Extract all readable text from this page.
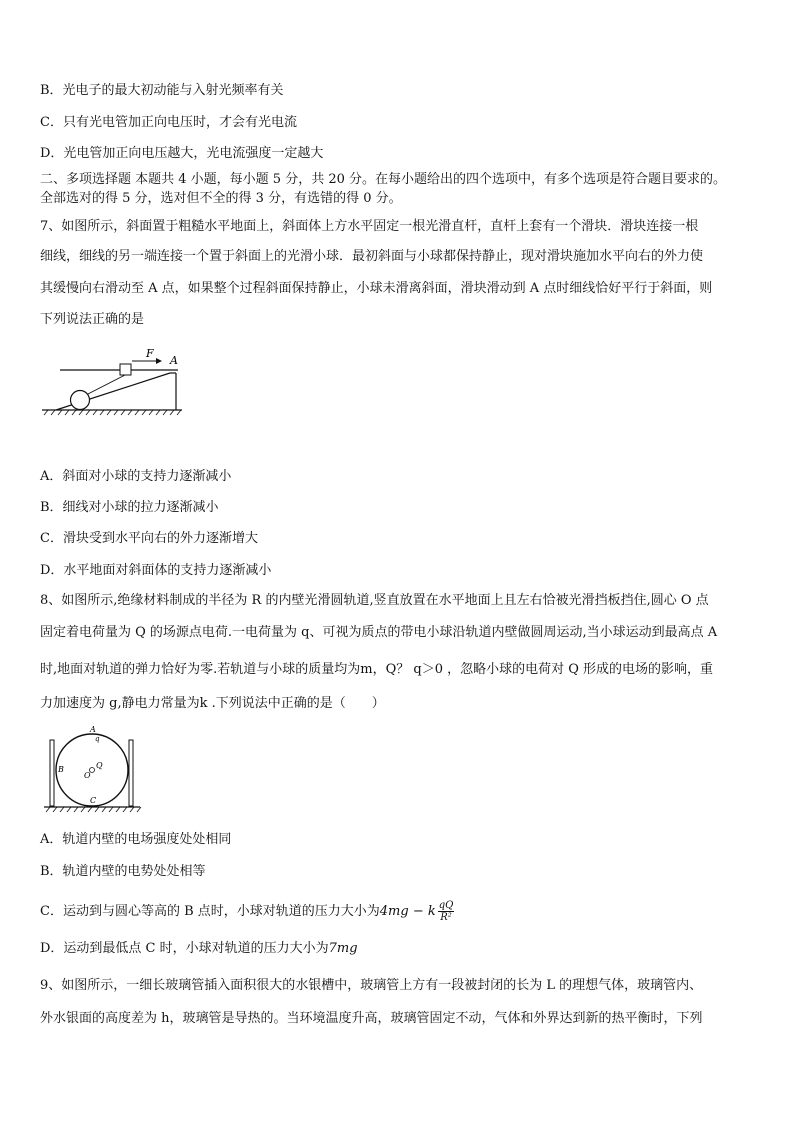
B．光电子的最大初动能与入射光频率有关
C．只有光电管加正向电压时，才会有光电流
D．光电管加正向电压越大，光电流强度一定越大
二、多项选择题 本题共 4 小题，每小题 5 分，共 20 分。在每小题给出的四个选项中，有多个选项是符合题目要求的。
全部选对的得 5 分，选对但不全的得 3 分，有选错的得 0 分。
7、如图所示，斜面置于粗糙水平地面上，斜面体上方水平固定一根光滑直杆，直杆上套有一个滑块．滑块连接一根
细线，细线的另一端连接一个置于斜面上的光滑小球．最初斜面与小球都保持静止，现对滑块施加水平向右的外力使
其缓慢向右滑动至 A 点，如果整个过程斜面保持静止，小球未滑离斜面，滑块滑动到 A 点时细线恰好平行于斜面，则
下列说法正确的是
F
A
A．斜面对小球的支持力逐渐减小
B．细线对小球的拉力逐渐减小
C．滑块受到水平向右的外力逐渐增大
D．水平地面对斜面体的支持力逐渐减小
8、如图所示,绝缘材料制成的半径为 R 的内壁光滑圆轨道,竖直放置在水平地面上且左右恰被光滑挡板挡住,圆心 O 点
固定着电荷量为 Q 的场源点电荷.一电荷量为 q、可视为质点的带电小球沿轨道内壁做圆周运动,当小球运动到最高点 A
时,地面对轨道的弹力恰好为零.若轨道与小球的质量均为m，Q？ q＞0 ，忽略小球的电荷对 Q 形成的电场的影响，重
力加速度为 g,静电力常量为k .下列说法中正确的是（　　）
A
q
B	Q
O
C
A．轨道内壁的电场强度处处相同
B．轨道内壁的电势处处相等
C．运动到与圆心等高的 B 点时，小球对轨道的压力大小为4mg − k $\frac{qQ}{\text{R²}}$
D．运动到最低点 C 时，小球对轨道的压力大小为7mg
9、如图所示，一细长玻璃管插入面积很大的水银槽中，玻璃管上方有一段被封闭的长为 L 的理想气体，玻璃管内、
外水银面的高度差为 h，玻璃管是导热的。当环境温度升高，玻璃管固定不动，气体和外界达到新的热平衡时，下列
